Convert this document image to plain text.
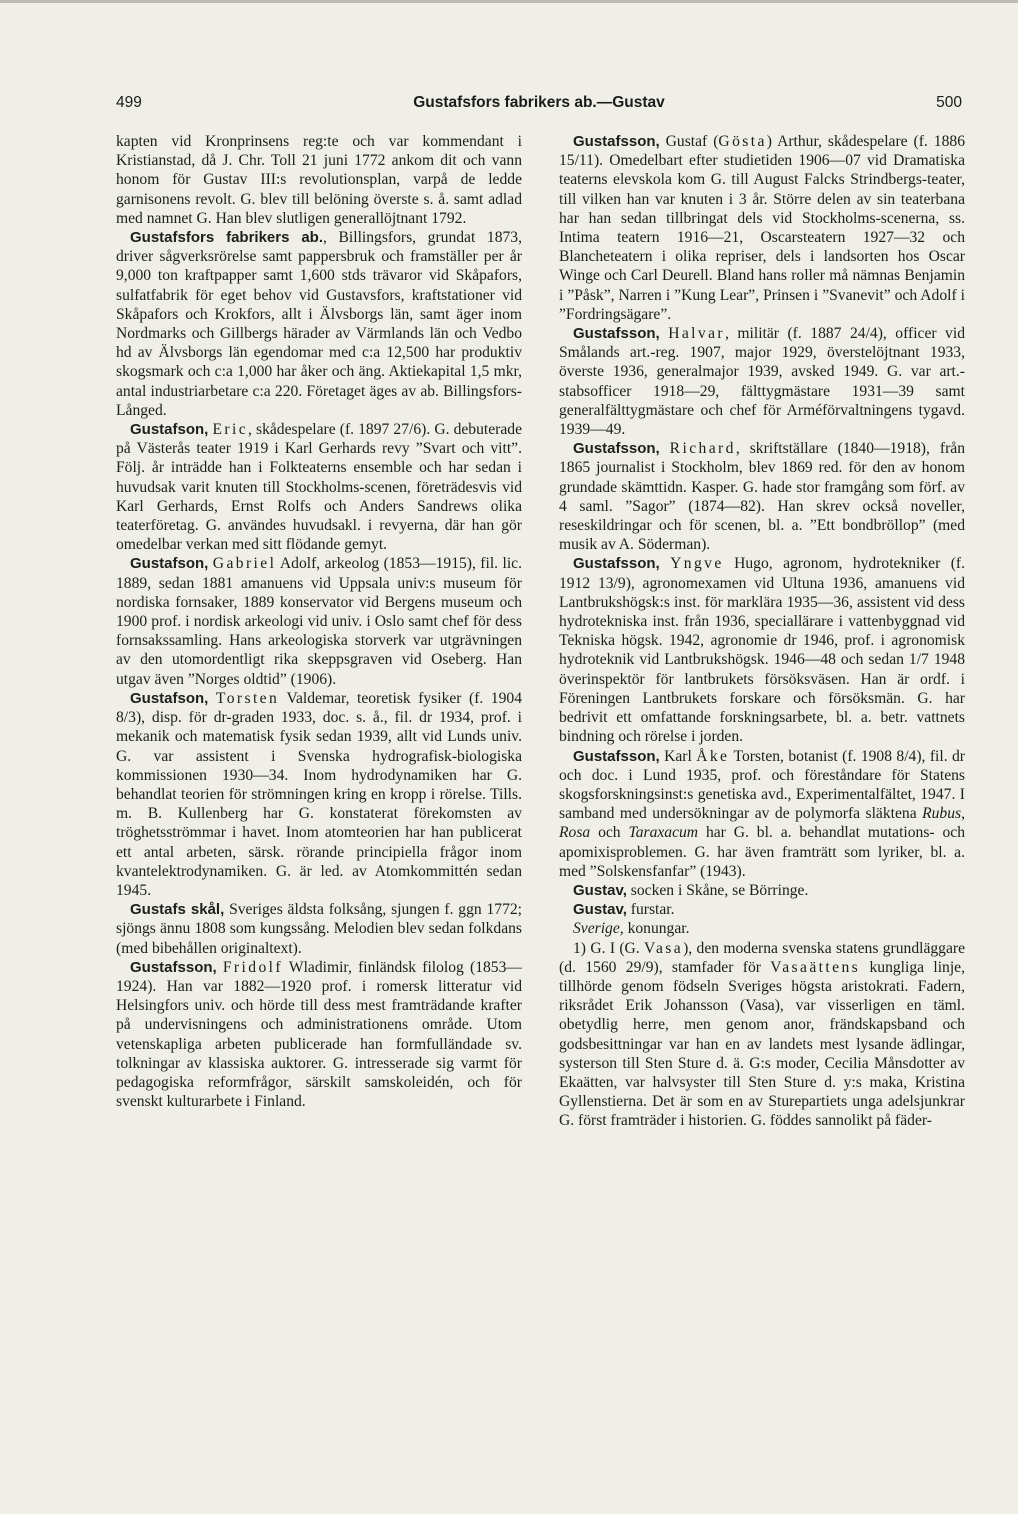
499	Gustafsfors fabrikers ab.—Gustav	500

kapten vid Kronprinsens reg:te och var kommendant i Kristianstad, då J. Chr. Toll 21 juni 1772 ankom dit och vann honom för Gustav III:s revolutionsplan, varpå de ledde garnisonens revolt. G. blev till belöning överste s. å. samt adlad med namnet G. Han blev slutligen generallöjtnant 1792.

Gustafsfors fabrikers ab., Billingsfors, grundat 1873, driver sågverksrörelse samt pappersbruk och framställer per år 9,000 ton kraftpapper samt 1,600 stds trävaror vid Skåpafors, sulfatfabrik för eget behov vid Gustavsfors, kraftstationer vid Skåpafors och Krokfors, allt i Älvsborgs län, samt äger inom Nordmarks och Gillbergs härader av Värmlands län och Vedbo hd av Älvsborgs län egendomar med c:a 12,500 har produktiv skogsmark och c:a 1,000 har åker och äng. Aktiekapital 1,5 mkr, antal industriarbetare c:a 220. Företaget äges av ab. Billingsfors-Långed.

Gustafson, Eric, skådespelare (f. 1897 27/6). G. debuterade på Västerås teater 1919 i Karl Gerhards revy ”Svart och vitt”. Följ. år inträdde han i Folkteaterns ensemble och har sedan i huvudsak varit knuten till Stockholms-scenen, företrädesvis vid Karl Gerhards, Ernst Rolfs och Anders Sandrews olika teaterföretag. G. användes huvudsakl. i revyerna, där han gör omedelbar verkan med sitt flödande gemyt.

Gustafson, Gabriel Adolf, arkeolog (1853—1915), fil. lic. 1889, sedan 1881 amanuens vid Uppsala univ:s museum för nordiska fornsaker, 1889 konservator vid Bergens museum och 1900 prof. i nordisk arkeologi vid univ. i Oslo samt chef för dess fornsakssamling. Hans arkeologiska storverk var utgrävningen av den utomordentligt rika skeppsgraven vid Oseberg. Han utgav även ”Norges oldtid” (1906).

Gustafson, Torsten Valdemar, teoretisk fysiker (f. 1904 8/3), disp. för dr-graden 1933, doc. s. å., fil. dr 1934, prof. i mekanik och matematisk fysik sedan 1939, allt vid Lunds univ. G. var assistent i Svenska hydrografisk-biologiska kommissionen 1930—34. Inom hydrodynamiken har G. behandlat teorien för strömningen kring en kropp i rörelse. Tills. m. B. Kullenberg har G. konstaterat förekomsten av tröghetsströmmar i havet. Inom atomteorien har han publicerat ett antal arbeten, särsk. rörande principiella frågor inom kvantelektrodynamiken. G. är led. av Atomkommittén sedan 1945.

Gustafs skål, Sveriges äldsta folksång, sjungen f. ggn 1772; sjöngs ännu 1808 som kungssång. Melodien blev sedan folkdans (med bibehållen originaltext).

Gustafsson, Fridolf Wladimir, finländsk filolog (1853—1924). Han var 1882—1920 prof. i romersk litteratur vid Helsingfors univ. och hörde till dess mest framträdande krafter på undervisningens och administrationens område. Utom vetenskapliga arbeten publicerade han formfulländade sv. tolkningar av klassiska auktorer. G. intresserade sig varmt för pedagogiska reformfrågor, särskilt samskoleidén, och för svenskt kulturarbete i Finland.

Gustafsson, Gustaf (Gösta) Arthur, skådespelare (f. 1886 15/11). Omedelbart efter studietiden 1906—07 vid Dramatiska teaterns elevskola kom G. till August Falcks Strindbergs-teater, till vilken han var knuten i 3 år. Större delen av sin teaterbana har han sedan tillbringat dels vid Stockholms-scenerna, ss. Intima teatern 1916—21, Oscarsteatern 1927—32 och Blancheteatern i olika repriser, dels i landsorten hos Oscar Winge och Carl Deurell. Bland hans roller må nämnas Benjamin i ”Påsk”, Narren i ”Kung Lear”, Prinsen i ”Svanevit” och Adolf i ”Fordringsägare”.

Gustafsson, Halvar, militär (f. 1887 24/4), officer vid Smålands art.-reg. 1907, major 1929, överstelöjtnant 1933, överste 1936, generalmajor 1939, avsked 1949. G. var art.-stabsofficer 1918—29, fälttygmästare 1931—39 samt generalfälttygmästare och chef för Arméförvaltningens tygavd. 1939—49.

Gustafsson, Richard, skriftställare (1840—1918), från 1865 journalist i Stockholm, blev 1869 red. för den av honom grundade skämttidn. Kasper. G. hade stor framgång som förf. av 4 saml. ”Sagor” (1874—82). Han skrev också noveller, reseskildringar och för scenen, bl. a. ”Ett bondbröllop” (med musik av A. Söderman).

Gustafsson, Yngve Hugo, agronom, hydrotekniker (f. 1912 13/9), agronomexamen vid Ultuna 1936, amanuens vid Lantbrukshögsk:s inst. för marklära 1935—36, assistent vid dess hydrotekniska inst. från 1936, speciallärare i vattenbyggnad vid Tekniska högsk. 1942, agronomie dr 1946, prof. i agronomisk hydroteknik vid Lantbrukshögsk. 1946—48 och sedan 1/7 1948 överinspektör för lantbrukets försöksväsen. Han är ordf. i Föreningen Lantbrukets forskare och försöksmän. G. har bedrivit ett omfattande forskningsarbete, bl. a. betr. vattnets bindning och rörelse i jorden.

Gustafsson, Karl Åke Torsten, botanist (f. 1908 8/4), fil. dr och doc. i Lund 1935, prof. och föreståndare för Statens skogsforskningsinst:s genetiska avd., Experimentalfältet, 1947. I samband med undersökningar av de polymorfa släktena Rubus, Rosa och Taraxacum har G. bl. a. behandlat mutations- och apomixisproblemen. G. har även framträtt som lyriker, bl. a. med ”Solskensfanfar” (1943).

Gustav, socken i Skåne, se Börringe.

Gustav, furstar.

Sverige, konungar.

1) G. I (G. Vasa), den moderna svenska statens grundläggare (d. 1560 29/9), stamfader för Vasaättens kungliga linje, tillhörde genom födseln Sveriges högsta aristokrati. Fadern, riksrådet Erik Johansson (Vasa), var visserligen en täml. obetydlig herre, men genom anor, frändskapsband och godsbesittningar var han en av landets mest lysande ädlingar, systerson till Sten Sture d. ä. G:s moder, Cecilia Månsdotter av Ekaätten, var halvsyster till Sten Sture d. y:s maka, Kristina Gyllenstierna. Det är som en av Sturepartiets unga adelsjunkrar G. först framträder i historien. G. föddes sannolikt på fäder-
